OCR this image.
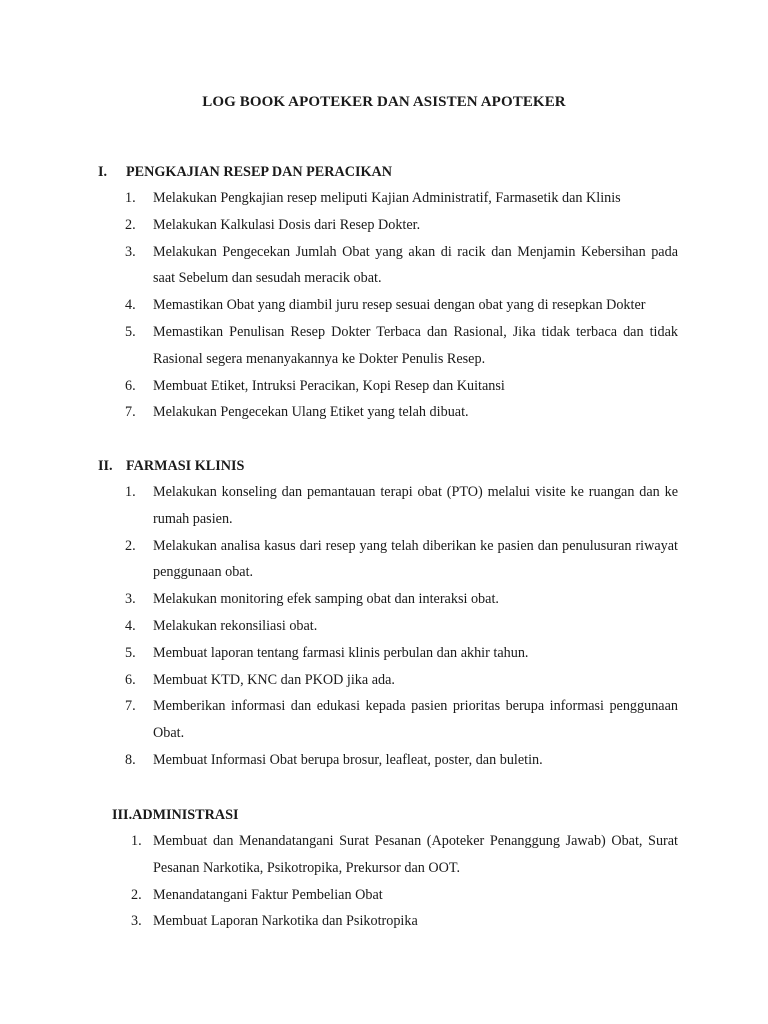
LOG BOOK APOTEKER DAN ASISTEN APOTEKER
I.	PENGKAJIAN RESEP DAN PERACIKAN
1.	Melakukan Pengkajian resep meliputi Kajian Administratif, Farmasetik dan Klinis
2.	Melakukan Kalkulasi Dosis dari Resep Dokter.
3.	Melakukan Pengecekan Jumlah Obat yang akan di racik dan Menjamin Kebersihan pada saat Sebelum dan sesudah meracik obat.
4.	Memastikan Obat yang diambil juru resep sesuai dengan obat yang di resepkan Dokter
5.	Memastikan Penulisan Resep Dokter Terbaca dan Rasional, Jika tidak terbaca dan tidak Rasional segera menanyakannya ke Dokter Penulis Resep.
6.	Membuat Etiket, Intruksi Peracikan, Kopi Resep dan Kuitansi
7.	Melakukan Pengecekan Ulang Etiket yang telah dibuat.
II. FARMASI KLINIS
1.	Melakukan konseling dan pemantauan terapi obat (PTO) melalui visite ke ruangan dan ke rumah pasien.
2.	Melakukan analisa kasus dari resep yang telah diberikan ke pasien dan penulusuran riwayat penggunaan obat.
3.	Melakukan monitoring efek samping obat dan interaksi obat.
4.	Melakukan rekonsiliasi obat.
5.	Membuat laporan tentang farmasi klinis perbulan dan akhir tahun.
6.	Membuat KTD, KNC dan PKOD jika ada.
7.	Memberikan informasi dan edukasi kepada pasien prioritas berupa informasi penggunaan Obat.
8.	Membuat Informasi Obat berupa brosur, leafleat, poster, dan buletin.
III. ADMINISTRASI
1. Membuat dan Menandatangani Surat Pesanan (Apoteker Penanggung Jawab) Obat, Surat Pesanan Narkotika, Psikotropika, Prekursor dan OOT.
2. Menandatangani Faktur Pembelian Obat
3. Membuat Laporan Narkotika dan Psikotropika
